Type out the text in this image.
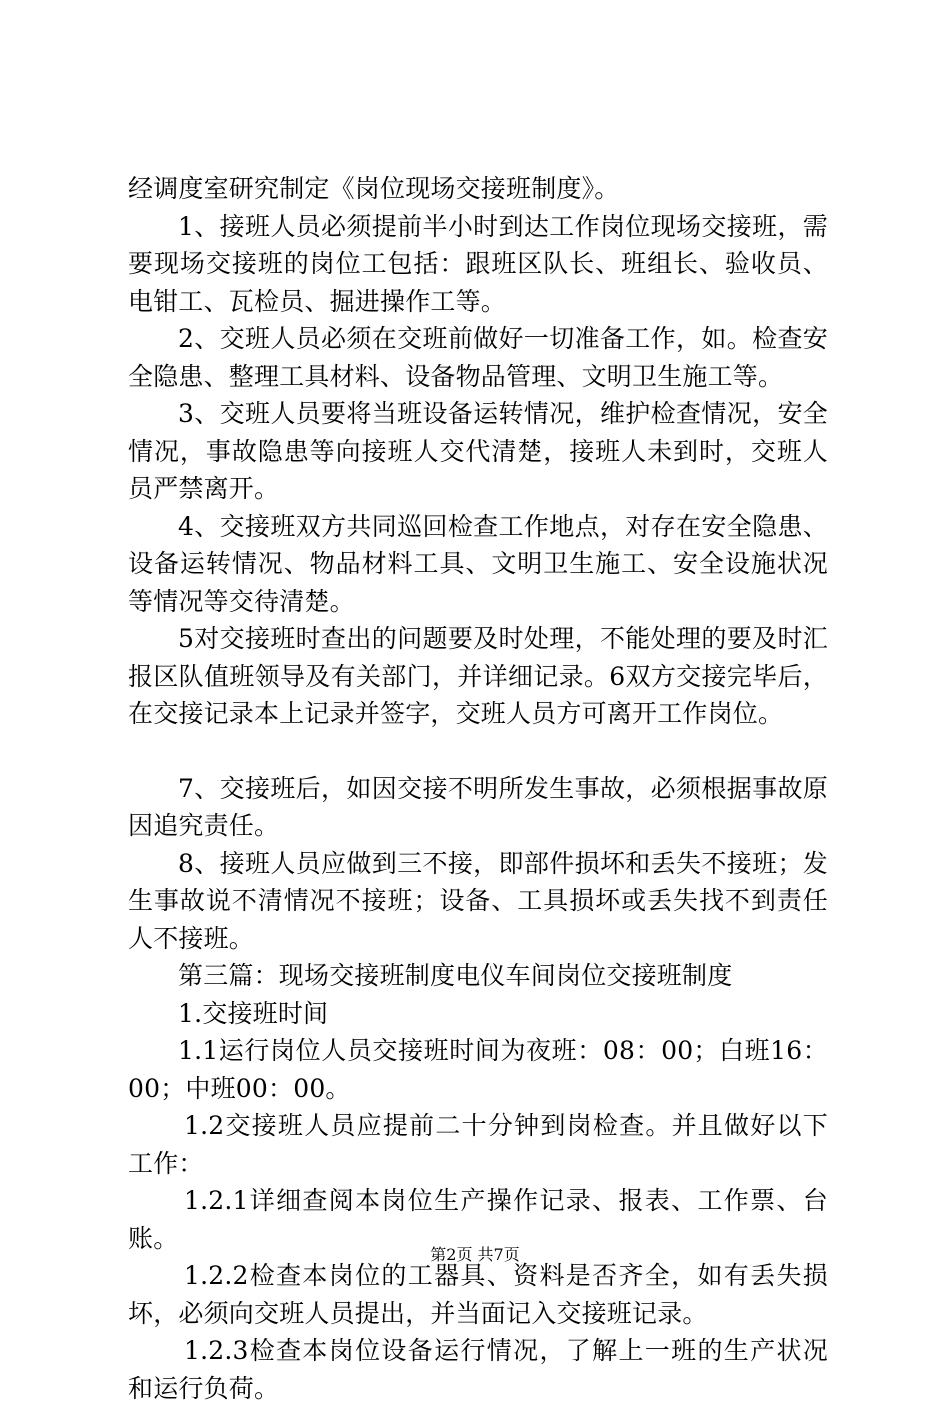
经调度室研究制定《岗位现场交接班制度》。

1、接班人员必须提前半小时到达工作岗位现场交接班，需要现场交接班的岗位工包括：跟班区队长、班组长、验收员、电钳工、瓦检员、掘进操作工等。

2、交班人员必须在交班前做好一切准备工作，如。检查安全隐患、整理工具材料、设备物品管理、文明卫生施工等。

3、交班人员要将当班设备运转情况，维护检查情况，安全情况，事故隐患等向接班人交代清楚，接班人未到时，交班人员严禁离开。

4、交接班双方共同巡回检查工作地点，对存在安全隐患、设备运转情况、物品材料工具、文明卫生施工、安全设施状况等情况等交待清楚。

5对交接班时查出的问题要及时处理，不能处理的要及时汇报区队值班领导及有关部门，并详细记录。6双方交接完毕后，在交接记录本上记录并签字，交班人员方可离开工作岗位。

7、交接班后，如因交接不明所发生事故，必须根据事故原因追究责任。

8、接班人员应做到三不接，即部件损坏和丢失不接班；发生事故说不清情况不接班；设备、工具损坏或丢失找不到责任人不接班。

第三篇：现场交接班制度电仪车间岗位交接班制度

1.交接班时间

1.1运行岗位人员交接班时间为夜班：08：00；白班16：00；中班00：00。

1.2交接班人员应提前二十分钟到岗检查。并且做好以下工作：

1.2.1详细查阅本岗位生产操作记录、报表、工作票、台账。

1.2.2检查本岗位的工器具、资料是否齐全，如有丢失损坏，必须向交班人员提出，并当面记入交接班记录。

1.2.3检查本岗位设备运行情况，了解上一班的生产状况和运行负荷。

第2页 共7页
